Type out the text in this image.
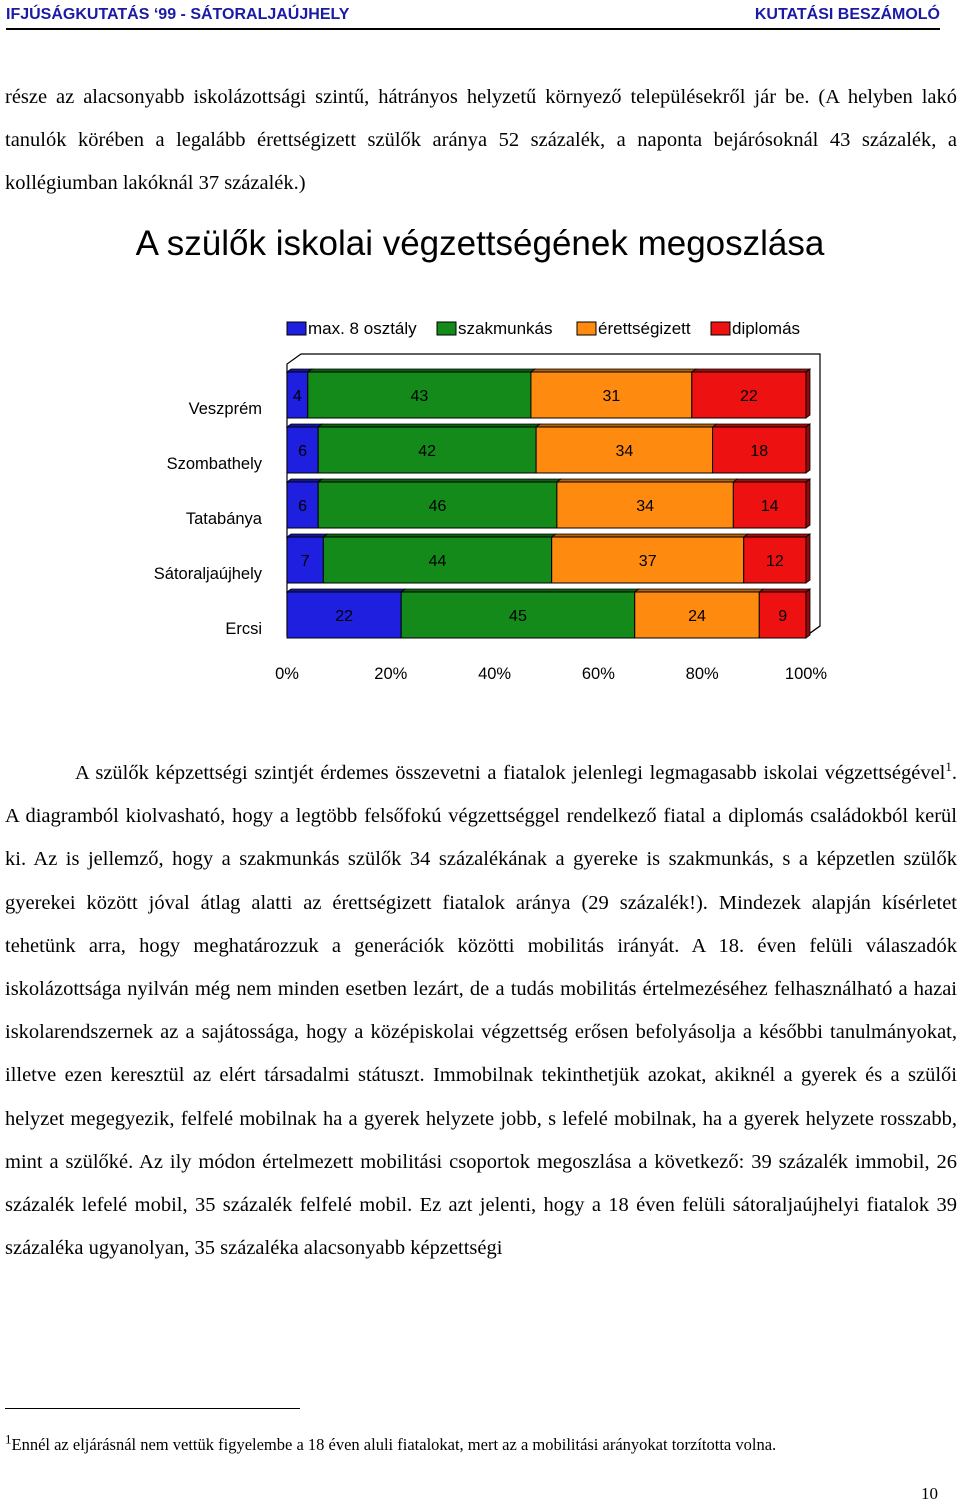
IFJÚSÁGKUTATÁS ‘99 - SÁTORALJAÚJHELY	KUTATÁSI BESZÁMOLÓ

része az alacsonyabb iskolázottsági szintű, hátrányos helyzetű környező településekről jár be. (A helyben lakó tanulók körében a legalább érettségizett szülők aránya 52 százalék, a naponta bejárósoknál 43 százalék, a kollégiumban lakóknál 37 százalék.)

A szülők iskolai végzettségének megoszlása
max. 8 osztály szakmunkás	érettségizett diplomás
Veszprém
4	43	31	22
Szombathely
6	42	34	18
Tatabánya
6	46	34	14
Sátoraljaújhely
7	44	37	12
Ercsi
22	45	24	9
0%	20%	40%	60%	80%	100%

A szülők képzettségi szintjét érdemes összevetni a fiatalok jelenlegi legmagasabb iskolai végzettségével$^1$. A diagramból kiolvasható, hogy a legtöbb felsőfokú végzettséggel rendelkező fiatal a diplomás családokból kerül ki. Az is jellemző, hogy a szakmunkás szülők 34 százalékának a gyereke is szakmunkás, s a képzetlen szülők gyerekei között jóval átlag alatti az érettségizett fiatalok aránya (29 százalék!). Mindezek alapján kísérletet tehetünk arra, hogy meghatározzuk a generációk közötti mobilitás irányát. A 18. éven felüli válaszadók iskolázottsága nyilván még nem minden esetben lezárt, de a tudás mobilitás értelmezéséhez felhasználható a hazai iskolarendszernek az a sajátossága, hogy a középiskolai végzettség erősen befolyásolja a későbbi tanulmányokat, illetve ezen keresztül az elért társadalmi státuszt. Immobilnak tekinthetjük azokat, akiknél a gyerek és a szülői helyzet megegyezik, felfelé mobilnak ha a gyerek helyzete jobb, s lefelé mobilnak, ha a gyerek helyzete rosszabb, mint a szülőké. Az ily módon értelmezett mobilitási csoportok megoszlása a következő: 39 százalék immobil, 26 százalék lefelé mobil, 35 százalék felfelé mobil. Ez azt jelenti, hogy a 18 éven felüli sátoraljaújhelyi fiatalok 39 százaléka ugyanolyan, 35 százaléka alacsonyabb képzettségi

$^1$Ennél az eljárásnál nem vettük figyelembe a 18 éven aluli fiatalokat, mert az a mobilitási arányokat torzította volna.
10
